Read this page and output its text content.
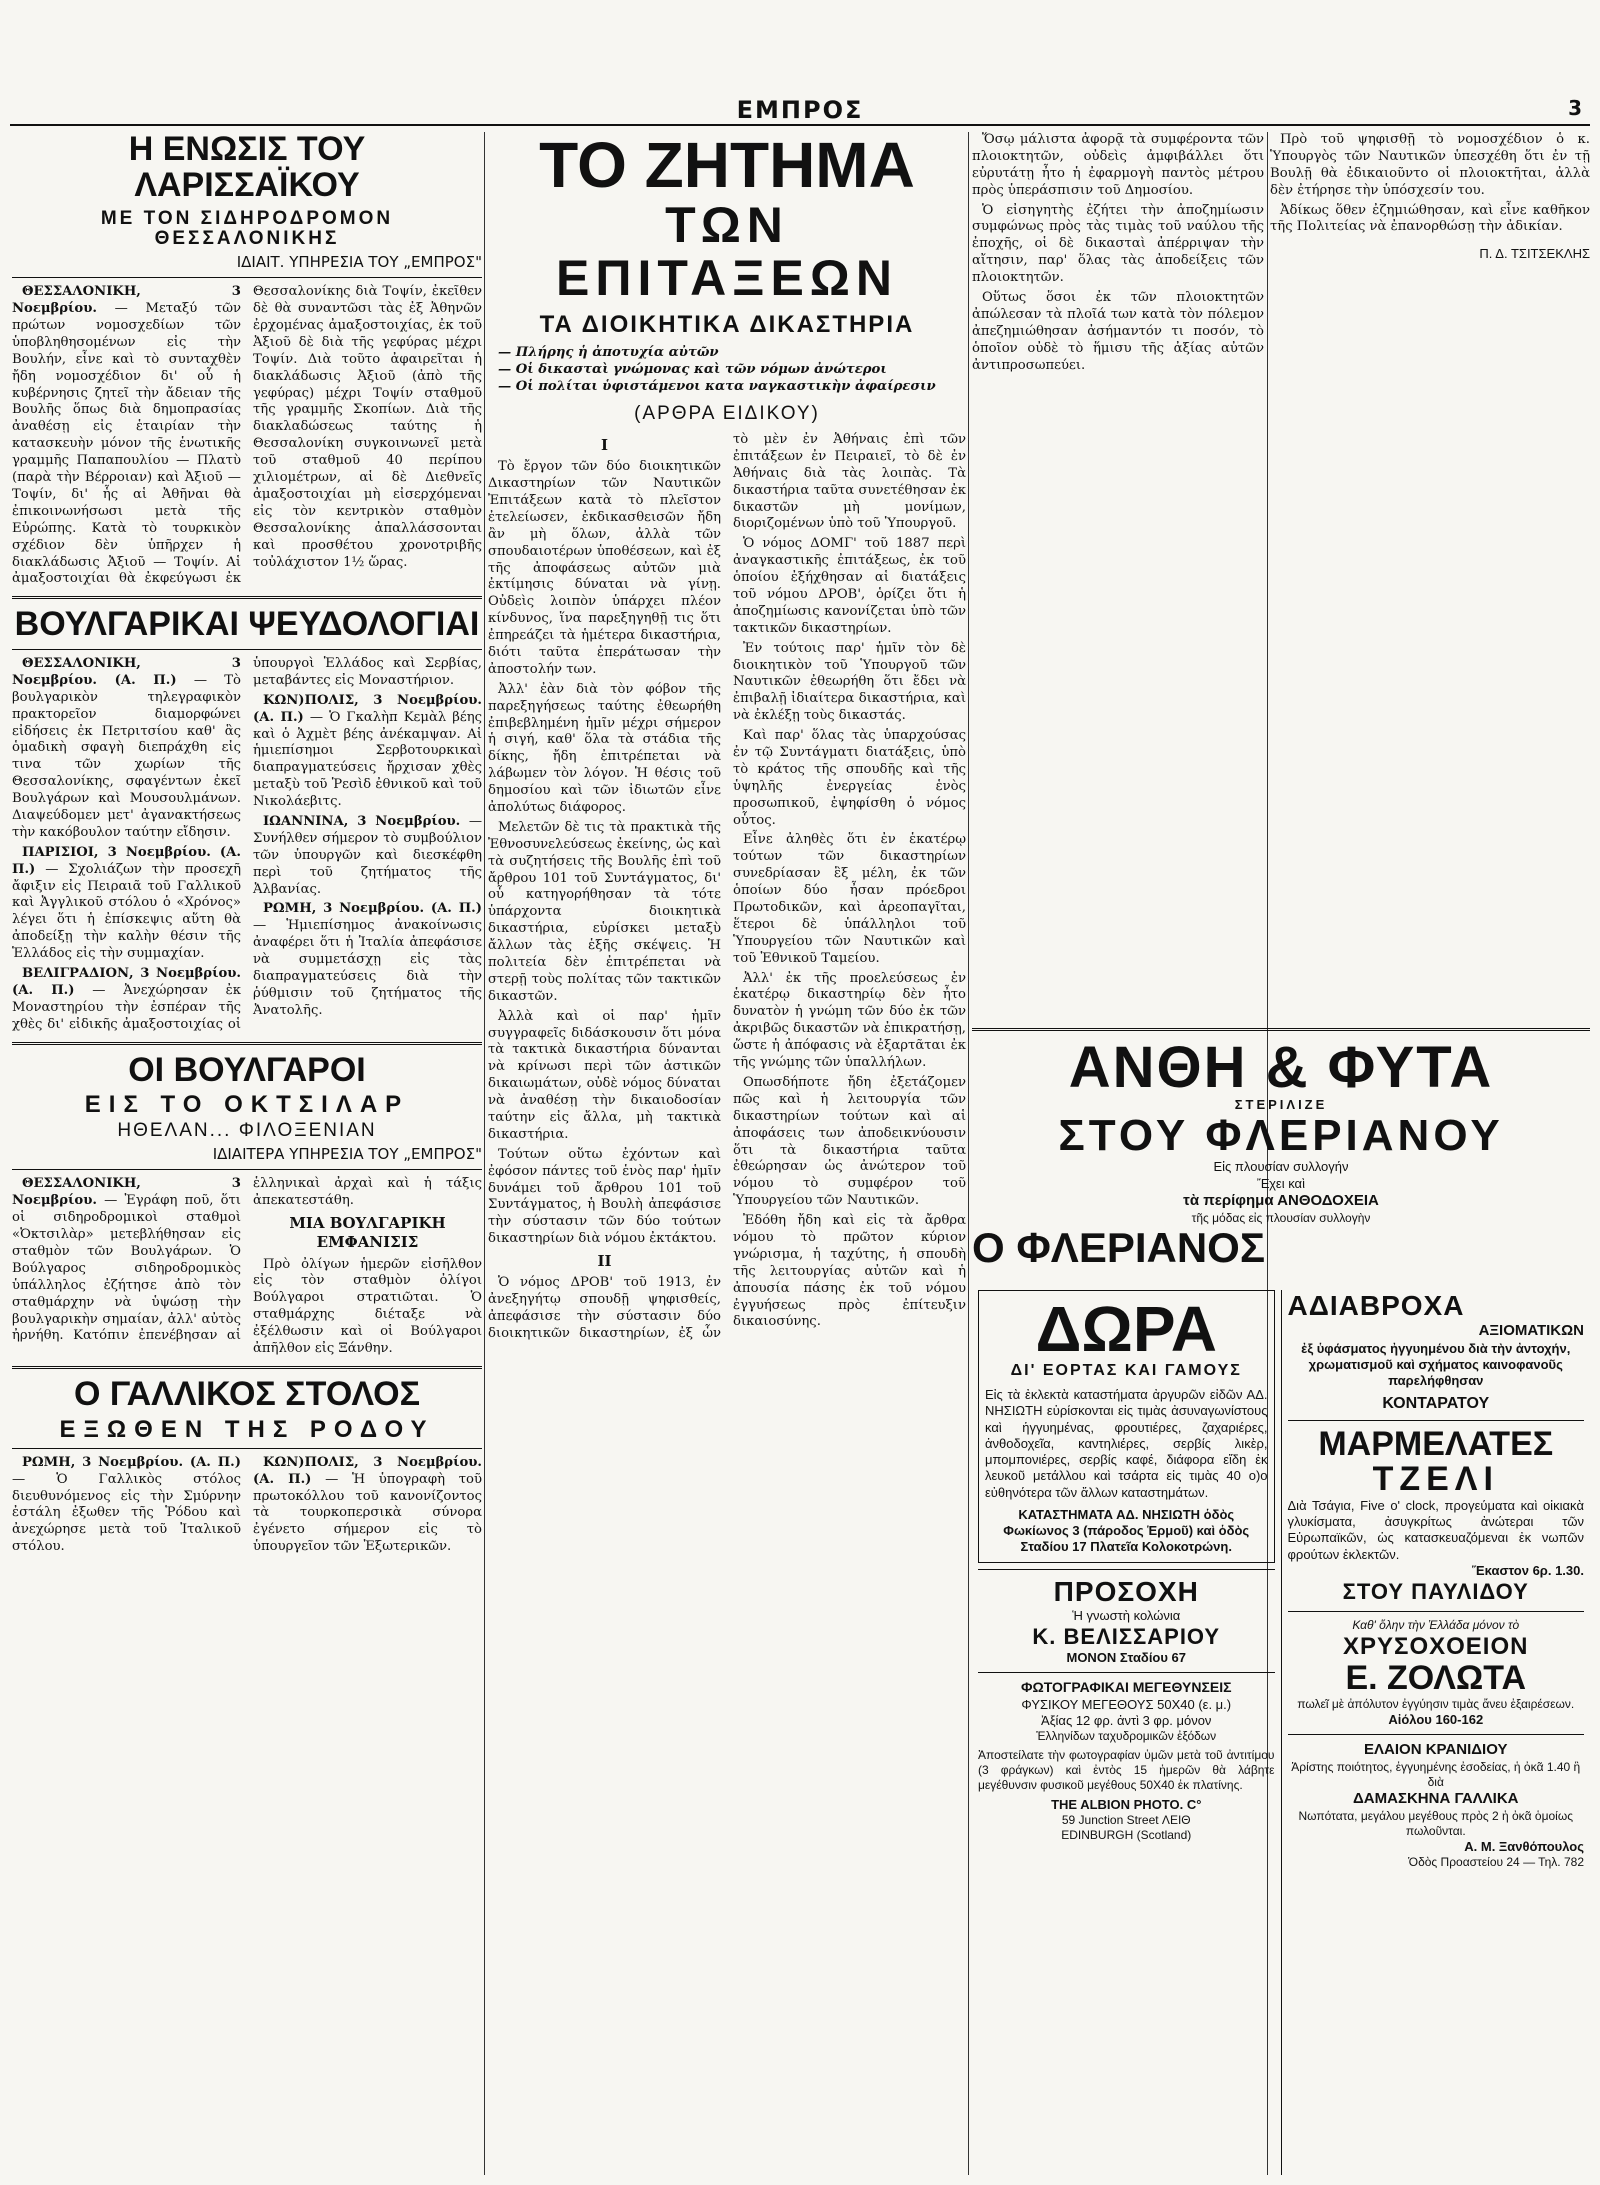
ΕΜΠΡΟΣ	3
Η ΕΝΩΣΙΣ ΤΟΥ ΛΑΡΙΣΣΑΪΚΟΥ
ΜΕ ΤΟΝ ΣΙΔΗΡΟΔΡΟΜΟΝ ΘΕΣΣΑΛΟΝΙΚΗΣ
ΙΔΙΑΙΤ. ΥΠΗΡΕΣΙΑ ΤΟΥ „ΕΜΠΡΟΣ"

ΘΕΣΣΑΛΟΝΙΚΗ, 3 Νοεμβρίου. — Μεταξύ τῶν πρώτων νομοσχεδίων τῶν ὑποβληθησομένων εἰς τὴν Βουλήν, εἶνε καὶ τὸ συνταχθὲν ἤδη νομοσχέδιον δι' οὗ ἡ κυβέρνησις ζητεῖ τὴν ἄδειαν τῆς Βουλῆς ὅπως διὰ δημοπρασίας ἀναθέσῃ εἰς ἑταιρίαν τὴν κατασκευὴν μόνον τῆς ἑνωτικῆς γραμμῆς Παπαπουλίου — Πλατὺ (παρὰ τὴν Βέρροιαν) καὶ Ἀξιοῦ — Τοψίν, δι' ἧς αἱ Ἀθῆναι θὰ ἐπικοινωνήσωσι μετὰ τῆς Εὐρώπης. Κατὰ τὸ τουρκικὸν σχέδιον δὲν ὑπῆρχεν ἡ διακλάδωσις Ἀξιοῦ — Τοψίν. Αἱ ἀμαξοστοιχίαι θὰ ἐκφεύγωσι ἐκ Θεσσαλονίκης διὰ Τοψίν, ἐκεῖθεν δὲ θὰ συναντῶσι τὰς ἐξ Ἀθηνῶν ἐρχομένας ἀμαξοστοιχίας, ἐκ τοῦ Ἀξιοῦ δὲ διὰ τῆς γεφύρας μέχρι Τοψίν. Διὰ τοῦτο ἀφαιρεῖται ἡ διακλάδωσις Ἀξιοῦ (ἀπὸ τῆς γεφύρας) μέχρι Τοψίν σταθμοῦ τῆς γραμμῆς Σκοπίων. Διὰ τῆς διακλαδώσεως ταύτης ἡ Θεσσαλονίκη συγκοινωνεῖ μετὰ τοῦ σταθμοῦ 40 περίπου χιλιομέτρων, αἱ δὲ Διεθνεῖς ἀμαξοστοιχίαι μὴ εἰσερχόμεναι εἰς τὸν κεντρικὸν σταθμὸν Θεσσαλονίκης ἀπαλλάσσονται καὶ προσθέτου χρονοτριβῆς τοὐλάχιστον 1½ ὥρας.

ΒΟΥΛΓΑΡΙΚΑΙ ΨΕΥΔΟΛΟΓΙΑΙ

ΘΕΣΣΑΛΟΝΙΚΗ, 3 Νοεμβρίου. (Α. Π.) — Τὸ βουλγαρικὸν τηλεγραφικὸν πρακτορεῖον διαμορφώνει εἰδήσεις ἐκ Πετριτσίου καθ' ἃς ὁμαδικὴ σφαγὴ διεπράχθη εἰς τινα τῶν χωρίων τῆς Θεσσαλονίκης, σφαγέντων ἐκεῖ Βουλγάρων καὶ Μουσουλμάνων. Διαψεύδομεν μετ' ἀγανακτήσεως τὴν κακόβουλον ταύτην εἴδησιν.

ΠΑΡΙΣΙΟΙ, 3 Νοεμβρίου. (Α. Π.) — Σχολιάζων τὴν προσεχῆ ἄφιξιν εἰς Πειραιᾶ τοῦ Γαλλικοῦ καὶ Ἀγγλικοῦ στόλου ὁ «Χρόνος» λέγει ὅτι ἡ ἐπίσκεψις αὕτη θὰ ἀποδείξῃ τὴν καλὴν θέσιν τῆς Ἑλλάδος εἰς τὴν συμμαχίαν.

ΒΕΛΙΓΡΑΔΙΟΝ, 3 Νοεμβρίου. (Α. Π.) — Ἀνεχώρησαν ἐκ Μοναστηρίου τὴν ἐσπέραν τῆς χθὲς δι' εἰδικῆς ἀμαξοστοιχίας οἱ ὑπουργοὶ Ἑλλάδος καὶ Σερβίας, μεταβάντες εἰς Μοναστήριον.

ΚΩΝ)ΠΟΛΙΣ, 3 Νοεμβρίου. (Α. Π.) — Ὁ Γκαλὴπ Κεμὰλ βέης καὶ ὁ Ἀχμὲτ βέης ἀνέκαμψαν. Αἱ ἡμιεπίσημοι Σερβοτουρκικαὶ διαπραγματεύσεις ἤρχισαν χθὲς μεταξὺ τοῦ Ῥεσὶδ ἐθνικοῦ καὶ τοῦ Νικολάεβιτς.

ΙΩΑΝΝΙΝΑ, 3 Νοεμβρίου. — Συνήλθεν σήμερον τὸ συμβούλιον τῶν ὑπουργῶν καὶ διεσκέφθη περὶ τοῦ ζητήματος τῆς Ἀλβανίας.

ΡΩΜΗ, 3 Νοεμβρίου. (Α. Π.) — Ἡμιεπίσημος ἀνακοίνωσις ἀναφέρει ὅτι ἡ Ἰταλία ἀπεφάσισε νὰ συμμετάσχῃ εἰς τὰς διαπραγματεύσεις διὰ τὴν ῥύθμισιν τοῦ ζητήματος τῆς Ἀνατολῆς.

ΟΙ ΒΟΥΛΓΑΡΟΙ
ΕΙΣ ΤΟ ΟΚΤΣΙΛΑΡ
ΗΘΕΛΑΝ... ΦΙΛΟΞΕΝΙΑΝ
ΙΔΙΑΙΤΕΡΑ ΥΠΗΡΕΣΙΑ ΤΟΥ „ΕΜΠΡΟΣ"

ΘΕΣΣΑΛΟΝΙΚΗ, 3 Νοεμβρίου. — Ἐγράφη ποῦ, ὅτι οἱ σιδηροδρομικοὶ σταθμοὶ «Ὀκτσιλὰρ» μετεβλήθησαν εἰς σταθμὸν τῶν Βουλγάρων. Ὁ Βούλγαρος σιδηροδρομικὸς ὑπάλληλος ἐζήτησε ἀπὸ τὸν σταθμάρχην νὰ ὑψώσῃ τὴν βουλγαρικὴν σημαίαν, ἀλλ' αὐτὸς ἠρνήθη. Κατόπιν ἐπενέβησαν αἱ ἑλληνικαὶ ἀρχαὶ καὶ ἡ τάξις ἀπεκατεστάθη.

ΜΙΑ ΒΟΥΛΓΑΡΙΚΗ ΕΜΦΑΝΙΣΙΣ

Πρὸ ὀλίγων ἡμερῶν εἰσῆλθον εἰς τὸν σταθμὸν ὀλίγοι Βούλγαροι στρατιῶται. Ὁ σταθμάρχης διέταξε νὰ ἐξέλθωσιν καὶ οἱ Βούλγαροι ἀπῆλθον εἰς Ξάνθην.

Ο ΓΑΛΛΙΚΟΣ ΣΤΟΛΟΣ
ΕΞΩΘΕΝ ΤΗΣ ΡΟΔΟΥ

ΡΩΜΗ, 3 Νοεμβρίου. (Α. Π.) — Ὁ Γαλλικὸς στόλος διευθυνόμενος εἰς τὴν Σμύρνην ἐστάλη ἐξωθεν τῆς Ῥόδου καὶ ἀνεχώρησε μετὰ τοῦ Ἰταλικοῦ στόλου.

ΚΩΝ)ΠΟΛΙΣ, 3 Νοεμβρίου. (Α. Π.) — Ἡ ὑπογραφὴ τοῦ πρωτοκόλλου τοῦ κανονίζοντος τὰ τουρκοπερσικὰ σύνορα ἐγένετο σήμερον εἰς τὸ ὑπουργεῖον τῶν Ἐξωτερικῶν.

ΤΟ ΖΗΤΗΜΑ
ΤΩΝ ΕΠΙΤΑΞΕΩΝ
ΤΑ ΔΙΟΙΚΗΤΙΚΑ ΔΙΚΑΣΤΗΡΙΑ
— Πλήρης ἡ ἀποτυχία αὐτῶν
— Οἱ δικασταὶ γνώμονας καὶ τῶν νόμων ἀνώτεροι
— Οἱ πολίται ὑφιστάμενοι κατα ναγκαστικὴν ἀφαίρεσιν
(ΑΡΘΡΑ ΕΙΔΙΚΟΥ)
Ι

Τὸ ἔργον τῶν δύο διοικητικῶν Δικαστηρίων τῶν Ναυτικῶν Ἐπιτάξεων κατὰ τὸ πλεῖστον ἐτελείωσεν, ἐκδικασθεισῶν ἤδη ἂν μὴ ὅλων, ἀλλὰ τῶν σπουδαιοτέρων ὑποθέσεων, καὶ ἐξ τῆς ἀποφάσεως αὐτῶν μιὰ ἐκτίμησις δύναται νὰ γίνῃ. Οὐδεὶς λοιπὸν ὑπάρχει πλέον κίνδυνος, ἵνα παρεξηγηθῇ τις ὅτι ἐπηρεάζει τὰ ἡμέτερα δικαστήρια, διότι ταῦτα ἐπεράτωσαν τὴν ἀποστολήν των.

Ἀλλ' ἐὰν διὰ τὸν φόβον τῆς παρεξηγήσεως ταύτης ἐθεωρήθη ἐπιβεβλημένη ἡμῖν μέχρι σήμερον ἡ σιγή, καθ' ὅλα τὰ στάδια τῆς δίκης, ἤδη ἐπιτρέπεται νὰ λάβωμεν τὸν λόγον. Ἡ θέσις τοῦ δημοσίου καὶ τῶν ἰδιωτῶν εἶνε ἀπολύτως διάφορος.

Μελετῶν δὲ τις τὰ πρακτικὰ τῆς Ἐθνοσυνελεύσεως ἐκείνης, ὡς καὶ τὰ συζητήσεις τῆς Βουλῆς ἐπὶ τοῦ ἄρθρου 101 τοῦ Συντάγματος, δι' οὗ κατηγορήθησαν τὰ τότε ὑπάρχοντα διοικητικὰ δικαστήρια, εὑρίσκει μεταξὺ ἄλλων τὰς ἑξῆς σκέψεις. Ἡ πολιτεία δὲν ἐπιτρέπεται νὰ στερῇ τοὺς πολίτας τῶν τακτικῶν δικαστῶν.

Ἀλλὰ καὶ οἱ παρ' ἡμῖν συγγραφεῖς διδάσκουσιν ὅτι μόνα τὰ τακτικὰ δικαστήρια δύνανται νὰ κρίνωσι περὶ τῶν ἀστικῶν δικαιωμάτων, οὐδὲ νόμος δύναται νὰ ἀναθέσῃ τὴν δικαιοδοσίαν ταύτην εἰς ἄλλα, μὴ τακτικὰ δικαστήρια.

Τούτων οὕτω ἐχόντων καὶ ἐφόσον πάντες τοῦ ἑνὸς παρ' ἡμῖν δυνάμει τοῦ ἄρθρου 101 τοῦ Συντάγματος, ἡ Βουλὴ ἀπεφάσισε τὴν σύστασιν τῶν δύο τούτων δικαστηρίων διὰ νόμου ἐκτάκτου.

ΙΙ

Ὁ νόμος ΔΡΟΒ' τοῦ 1913, ἐν ἀνεξηγήτῳ σπουδῇ ψηφισθείς, ἀπεφάσισε τὴν σύστασιν δύο διοικητικῶν δικαστηρίων, ἐξ ὧν τὸ μὲν ἐν Ἀθήναις ἐπὶ τῶν ἐπιτάξεων ἐν Πειραιεῖ, τὸ δὲ ἐν Ἀθήναις διὰ τὰς λοιπὰς. Τὰ δικαστήρια ταῦτα συνετέθησαν ἐκ δικαστῶν μὴ μονίμων, διοριζομένων ὑπὸ τοῦ Ὑπουργοῦ.

Ὁ νόμος ΔΟΜΓ' τοῦ 1887 περὶ ἀναγκαστικῆς ἐπιτάξεως, ἐκ τοῦ ὁποίου ἐξήχθησαν αἱ διατάξεις τοῦ νόμου ΔΡΟΒ', ὁρίζει ὅτι ἡ ἀποζημίωσις κανονίζεται ὑπὸ τῶν τακτικῶν δικαστηρίων.

Ἐν τούτοις παρ' ἡμῖν τὸν δὲ διοικητικὸν τοῦ Ὑπουργοῦ τῶν Ναυτικῶν ἐθεωρήθη ὅτι ἔδει νὰ ἐπιβαλῇ ἰδιαίτερα δικαστήρια, καὶ νὰ ἐκλέξῃ τοὺς δικαστάς.

Καὶ παρ' ὅλας τὰς ὑπαρχούσας ἐν τῷ Συντάγματι διατάξεις, ὑπὸ τὸ κράτος τῆς σπουδῆς καὶ τῆς ὑψηλῆς ἐνεργείας ἑνὸς προσωπικοῦ, ἐψηφίσθη ὁ νόμος οὗτος.

Εἶνε ἀληθὲς ὅτι ἐν ἑκατέρῳ τούτων τῶν δικαστηρίων συνεδρίασαν ἓξ μέλη, ἐκ τῶν ὁποίων δύο ἦσαν πρόεδροι Πρωτοδικῶν, καὶ ἀρεοπαγῖται, ἕτεροι δὲ ὑπάλληλοι τοῦ Ὑπουργείου τῶν Ναυτικῶν καὶ τοῦ Ἐθνικοῦ Ταμείου.

Ἀλλ' ἐκ τῆς προελεύσεως ἐν ἑκατέρῳ δικαστηρίῳ δὲν ἦτο δυνατὸν ἡ γνώμη τῶν δύο ἐκ τῶν ἀκριβῶς δικαστῶν νὰ ἐπικρατήσῃ, ὥστε ἡ ἀπόφασις νὰ ἐξαρτᾶται ἐκ τῆς γνώμης τῶν ὑπαλλήλων.

Οπωσδήποτε ἤδη ἐξετάζομεν πῶς καὶ ἡ λειτουργία τῶν δικαστηρίων τούτων καὶ αἱ ἀποφάσεις των ἀποδεικνύουσιν ὅτι τὰ δικαστήρια ταῦτα ἐθεώρησαν ὡς ἀνώτερον τοῦ νόμου τὸ συμφέρον τοῦ Ὑπουργείου τῶν Ναυτικῶν.

Ἐδόθη ἤδη καὶ εἰς τὰ ἄρθρα νόμου τὸ πρῶτον κύριον γνώρισμα, ἡ ταχύτης, ἡ σπουδὴ τῆς λειτουργίας αὐτῶν καὶ ἡ ἀπουσία πάσης ἐκ τοῦ νόμου ἐγγυήσεως πρὸς ἐπίτευξιν δικαιοσύνης.

Ὅσῳ μάλιστα ἀφορᾷ τὰ συμφέροντα τῶν πλοιοκτητῶν, οὐδεὶς ἀμφιβάλλει ὅτι εὐρυτάτῃ ἦτο ἡ ἐφαρμογὴ παντὸς μέτρου πρὸς ὑπεράσπισιν τοῦ Δημοσίου.

Ὁ εἰσηγητὴς ἐζήτει τὴν ἀποζημίωσιν συμφώνως πρὸς τὰς τιμὰς τοῦ ναύλου τῆς ἐποχῆς, οἱ δὲ δικασταὶ ἀπέρριψαν τὴν αἴτησιν, παρ' ὅλας τὰς ἀποδείξεις τῶν πλοιοκτητῶν.

Οὕτως ὅσοι ἐκ τῶν πλοιοκτητῶν ἀπώλεσαν τὰ πλοῖά των κατὰ τὸν πόλεμον ἀπεζημιώθησαν ἀσήμαντόν τι ποσόν, τὸ ὁποῖον οὐδὲ τὸ ἥμισυ τῆς ἀξίας αὐτῶν ἀντιπροσωπεύει.

Πρὸ τοῦ ψηφισθῇ τὸ νομοσχέδιον ὁ κ. Ὑπουργὸς τῶν Ναυτικῶν ὑπεσχέθη ὅτι ἐν τῇ Βουλῇ θὰ ἐδικαιοῦντο οἱ πλοιοκτῆται, ἀλλὰ δὲν ἐτήρησε τὴν ὑπόσχεσίν του.

Ἀδίκως ὅθεν ἐζημιώθησαν, καὶ εἶνε καθῆκον τῆς Πολιτείας νὰ ἐπανορθώσῃ τὴν ἀδικίαν.

Π. Δ. ΤΣΙΤΣΕΚΛΗΣ
ΑΝΘΗ & ΦΥΤΑ
ΣΤΕΡΙΛΙΖΕ
ΣΤΟΥ ΦΛΕΡΙΑΝΟΥ
Εἰς πλουσίαν συλλογήν
Ἔχει καὶ
τὰ περίφημα ΑΝΘΟΔΟΧΕΙΑ
τῆς μόδας εἰς πλουσίαν συλλογὴν
Ο ΦΛΕΡΙΑΝΟΣ
ΔΩΡΑ
ΔΙ' ΕΟΡΤΑΣ ΚΑΙ ΓΑΜΟΥΣ
Εἰς τὰ ἐκλεκτὰ καταστήματα ἀργυρῶν εἰδῶν ΑΔ. ΝΗΣΙΩΤΗ εὑρίσκονται εἰς τιμὰς ἀσυναγωνίστους καὶ ἡγγυημένας, φρουτιέρες, ζαχαριέρες, ἀνθοδοχεῖα, καντηλιέρες, σερβίς λικὲρ, μπομπονιέρες, σερβίς καφέ, διάφορα εἴδη ἐκ λευκοῦ μετάλλου καὶ τσάρτα εἰς τιμὰς 40 ο)ο εὐθηνότερα τῶν ἄλλων καταστημάτων.
ΚΑΤΑΣΤΗΜΑΤΑ ΑΔ. ΝΗΣΙΩΤΗ ὁδὸς Φωκίωνος 3 (πάροδος Ἑρμοῦ) καὶ ὁδὸς Σταδίου 17 Πλατεῖα Κολοκοτρώνη.
ΠΡΟΣΟΧΗ
Ἡ γνωστὴ κολώνια
Κ. ΒΕΛΙΣΣΑΡΙΟΥ
ΜΟΝΟΝ Σταδίου 67
ΦΩΤΟΓΡΑΦΙΚΑΙ ΜΕΓΕΘΥΝΣΕΙΣ
ΦΥΣΙΚΟΥ ΜΕΓΕΘΟΥΣ 50Χ40 (ε. μ.)
Ἀξίας 12 φρ. ἀντὶ 3 φρ. μόνον
Ἑλληνίδων ταχυδρομικῶν ἐξόδων
Ἀποστείλατε τὴν φωτογραφίαν ὑμῶν μετὰ τοῦ ἀντιτίμου (3 φράγκων) καὶ ἐντὸς 15 ἡμερῶν θὰ λάβητε μεγέθυνσιν φυσικοῦ μεγέθους 50Χ40 ἐκ πλατίνης.
THE ALBION PHOTO. C°
59 Junction Street ΛΕΙΘ
EDINBURGH (Scotland)
ΑΔΙΑΒΡΟΧΑ
ΑΞΙΟΜΑΤΙΚΩΝ
ἐξ ὑφάσματος ἠγγυημένου διὰ τὴν ἀντοχήν, χρωματισμοῦ καὶ σχήματος καινοφανοῦς παρελήφθησαν
ΚΟΝΤΑΡΑΤΟΥ
ΜΑΡΜΕΛΑΤΕΣ
ΤΖΕΛΙ
Διὰ Τσάγια, Five o' clock, προγεύματα καὶ οἰκιακὰ γλυκίσματα, ἀσυγκρίτως ἀνώτεραι τῶν Εὐρωπαϊκῶν, ὡς κατασκευαζόμεναι ἐκ νωπῶν φρούτων ἐκλεκτῶν.
Ἕκαστον 6ρ. 1.30.
ΣΤΟΥ ΠΑΥΛΙΔΟΥ
Καθ' ὅλην τὴν Ἑλλάδα μόνον τὸ
ΧΡΥΣΟΧΟΕΙΟΝ
Ε. ΖΟΛΩΤΑ
πωλεῖ μὲ ἀπόλυτον ἐγγύησιν τιμὰς ἄνευ ἐξαιρέσεων.
Αἰόλου 160-162
ΕΛΑΙΟΝ ΚΡΑΝΙΔΙΟΥ
Ἀρίστης ποιότητος, ἐγγυημένης ἐσοδείας, ἡ ὀκᾶ 1.40 ἢ διὰ
ΔΑΜΑΣΚΗΝΑ ΓΑΛΛΙΚΑ
Νωπότατα, μεγάλου μεγέθους πρὸς 2 ἡ ὀκᾶ ὁμοίως πωλοῦνται.
Α. Μ. Ξανθόπουλος
Ὁδὸς Προαστείου 24 — Τηλ. 782
